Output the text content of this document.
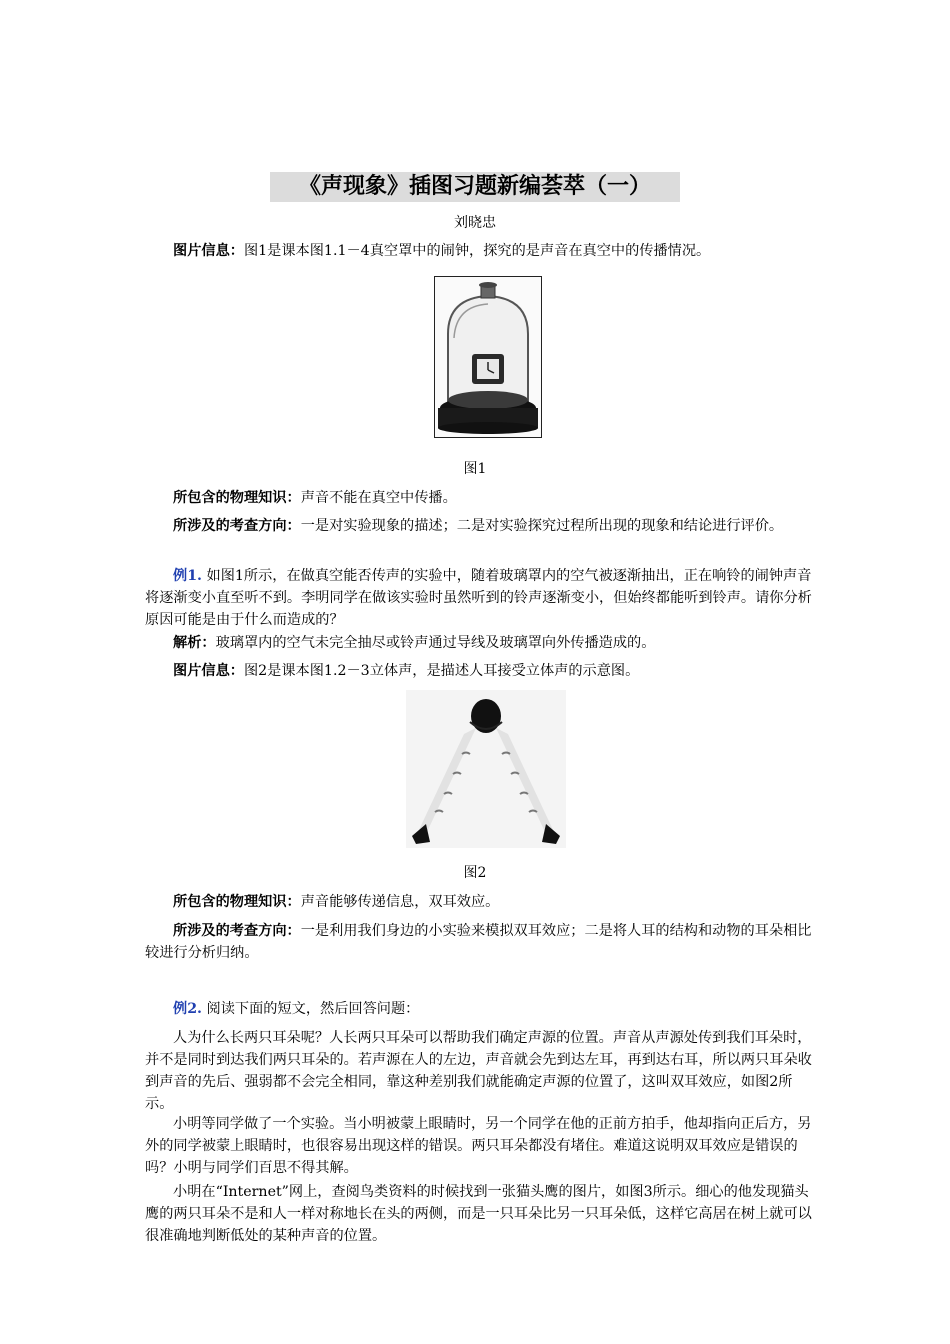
《声现象》插图习题新编荟萃（一）
刘晓忠

图片信息：图1是课本图1.1－4真空罩中的闹钟，探究的是声音在真空中的传播情况。

图1

所包含的物理知识：声音不能在真空中传播。

所涉及的考查方向：一是对实验现象的描述；二是对实验探究过程所出现的现象和结论进行评价。

例1. 如图1所示，在做真空能否传声的实验中，随着玻璃罩内的空气被逐渐抽出，正在响铃的闹钟声音将逐渐变小直至听不到。李明同学在做该实验时虽然听到的铃声逐渐变小，但始终都能听到铃声。请你分析原因可能是由于什么而造成的？

解析：玻璃罩内的空气未完全抽尽或铃声通过导线及玻璃罩向外传播造成的。

图片信息：图2是课本图1.2－3立体声，是描述人耳接受立体声的示意图。

图2

所包含的物理知识：声音能够传递信息，双耳效应。

所涉及的考查方向：一是利用我们身边的小实验来模拟双耳效应；二是将人耳的结构和动物的耳朵相比较进行分析归纳。

例2. 阅读下面的短文，然后回答问题：

人为什么长两只耳朵呢？人长两只耳朵可以帮助我们确定声源的位置。声音从声源处传到我们耳朵时，并不是同时到达我们两只耳朵的。若声源在人的左边，声音就会先到达左耳，再到达右耳，所以两只耳朵收到声音的先后、强弱都不会完全相同，靠这种差别我们就能确定声源的位置了，这叫双耳效应，如图2所示。

小明等同学做了一个实验。当小明被蒙上眼睛时，另一个同学在他的正前方拍手，他却指向正后方，另外的同学被蒙上眼睛时，也很容易出现这样的错误。两只耳朵都没有堵住。难道这说明双耳效应是错误的吗？小明与同学们百思不得其解。

小明在“Internet”网上，查阅鸟类资料的时候找到一张猫头鹰的图片，如图3所示。细心的他发现猫头鹰的两只耳朵不是和人一样对称地长在头的两侧，而是一只耳朵比另一只耳朵低，这样它高居在树上就可以很准确地判断低处的某种声音的位置。
